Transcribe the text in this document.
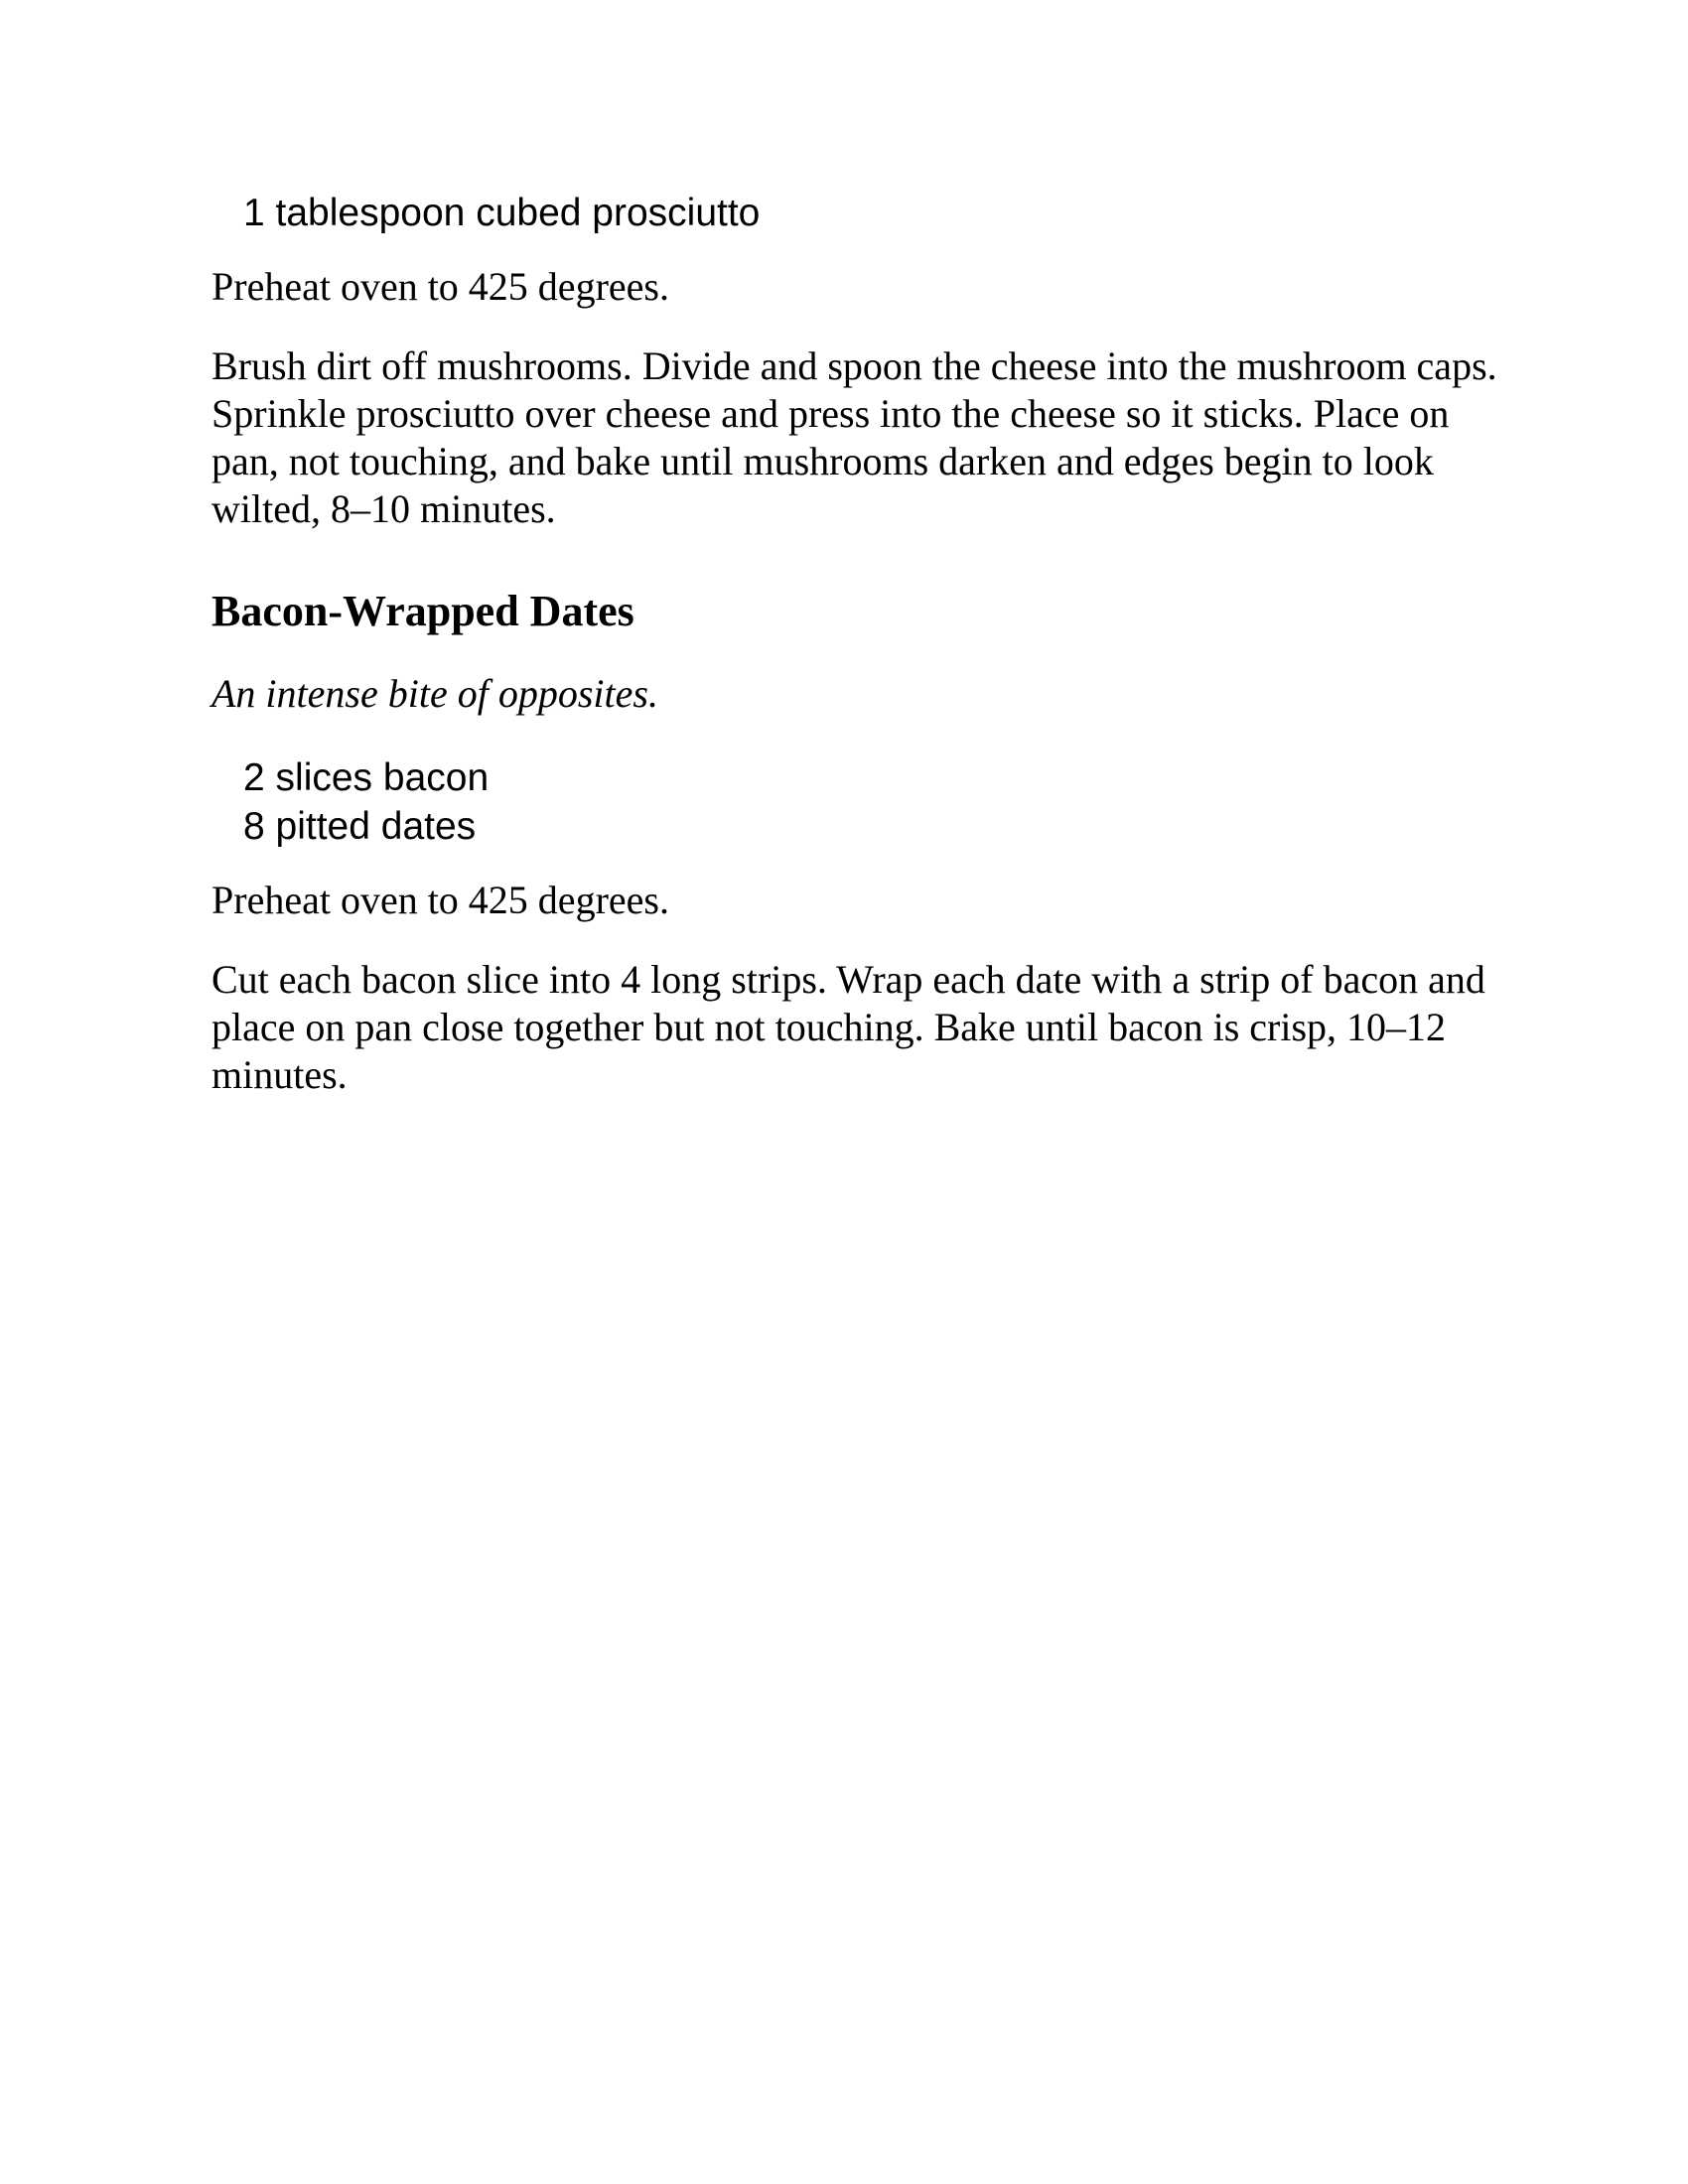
1 tablespoon cubed prosciutto

Preheat oven to 425 degrees.

Brush dirt off mushrooms. Divide and spoon the cheese into the mushroom caps. Sprinkle prosciutto over cheese and press into the cheese so it sticks. Place on pan, not touching, and bake until mushrooms darken and edges begin to look wilted, 8–10 minutes.

Bacon-Wrapped Dates

An intense bite of opposites.

2 slices bacon
8 pitted dates

Preheat oven to 425 degrees.

Cut each bacon slice into 4 long strips. Wrap each date with a strip of bacon and place on pan close together but not touching. Bake until bacon is crisp, 10–12 minutes.
